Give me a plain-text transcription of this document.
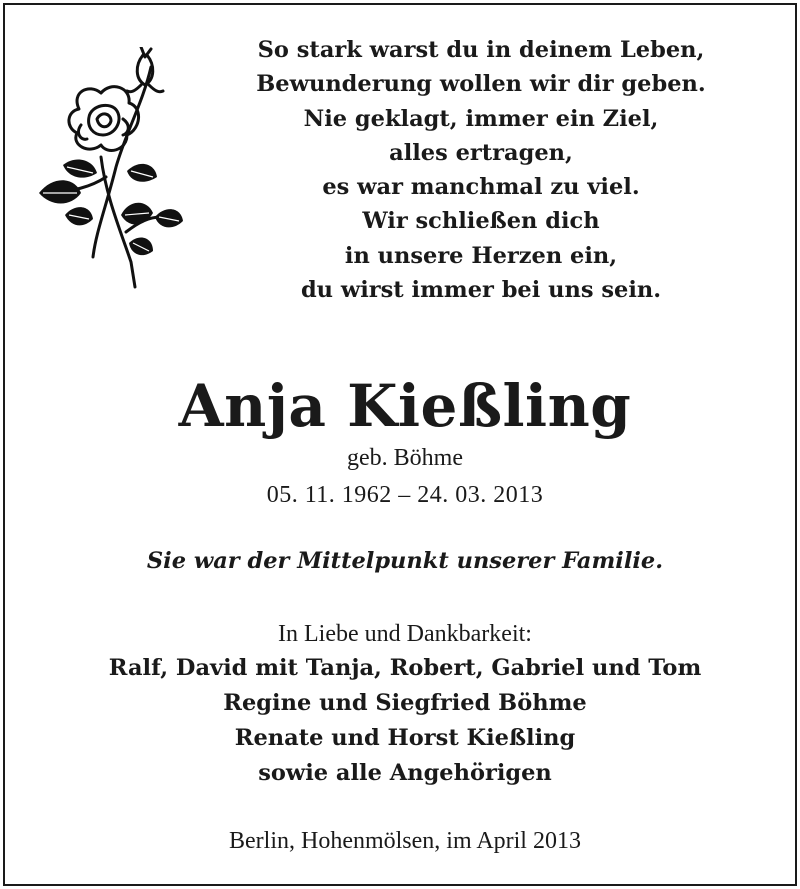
So stark warst du in deinem Leben,
Bewunderung wollen wir dir geben.
Nie geklagt, immer ein Ziel,
alles ertragen,
es war manchmal zu viel.
Wir schließen dich
in unsere Herzen ein,
du wirst immer bei uns sein.
Anja Kießling
geb. Böhme
05. 11. 1962 – 24. 03. 2013
Sie war der Mittelpunkt unserer Familie.
In Liebe und Dankbarkeit:
Ralf, David mit Tanja, Robert, Gabriel und Tom
Regine und Siegfried Böhme
Renate und Horst Kießling
sowie alle Angehörigen
Berlin, Hohenmölsen, im April 2013
